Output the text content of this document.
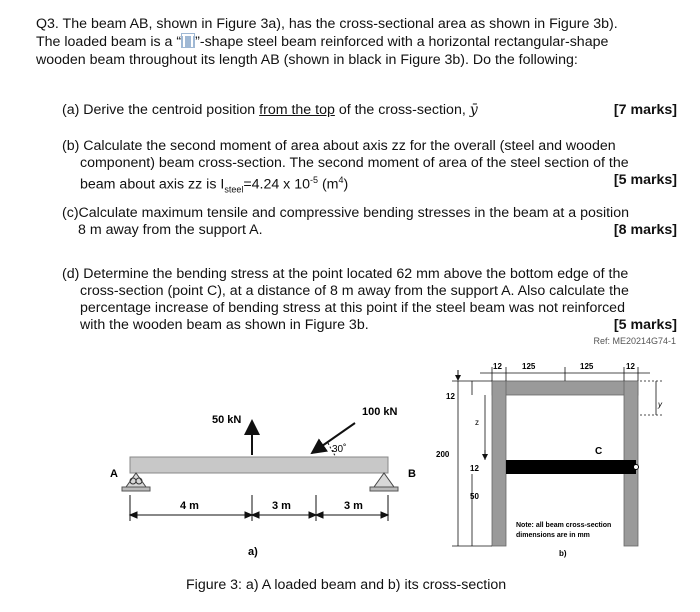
Q3. The beam AB, shown in Figure 3a), has the cross-sectional area as shown in Figure 3b).
The loaded beam is a “ ”-shape steel beam reinforced with a horizontal rectangular-shape
wooden beam throughout its length AB (shown in black in Figure 3b). Do the following:
(a) Derive the centroid position from the top of the cross-section, ȳ	[7 marks]
(b) Calculate the second moment of area about axis zz for the overall (steel and wooden
component) beam cross-section. The second moment of area of the steel section of the
beam about axis zz is $I_{steel}=4.24$ x $10^{-5}$ $(m^4)$	[5 marks]
(c)Calculate maximum tensile and compressive bending stresses in the beam at a position
8 m away from the support A.	[8 marks]
(d) Determine the bending stress at the point located 62 mm above the bottom edge of the
cross-section (point C), at a distance of 8 m away from the support A. Also calculate the
percentage increase of bending stress at this point if the steel beam was not reinforced
with the wooden beam as shown in Figure 3b.	[5 marks]
Ref: ME20214G74-1
A	B
50 kN
100 kN
30˚
4 m	3 m	3 m
a)
C
12	125	125	12
12
200
12
50
z
y
Note: all beam cross-section
dimensions are in mm
b)
Figure 3: a) A loaded beam and b) its cross-section
